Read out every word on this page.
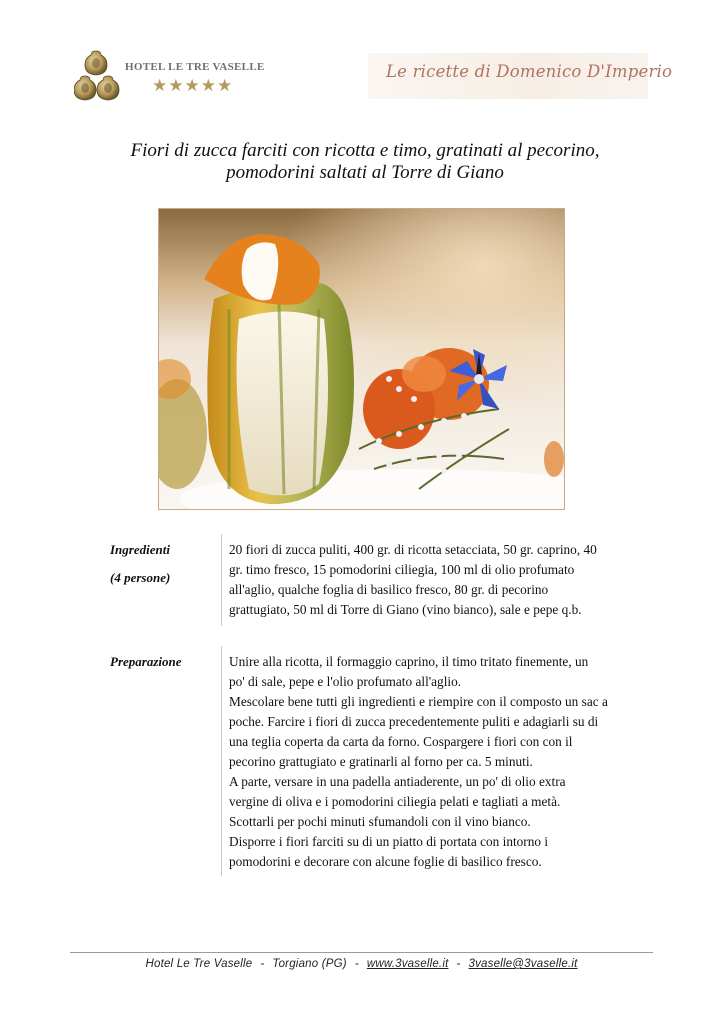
HOTEL LE TRE VASELLE
★★★★★
Le ricette di Domenico D'Imperio
Fiori di zucca farciti con ricotta e timo, gratinati al pecorino,
pomodorini saltati al Torre di Giano
Ingredienti
(4 persone)

20 fiori di zucca puliti, 400 gr. di ricotta setacciata, 50 gr. caprino, 40

gr. timo fresco, 15 pomodorini ciliegia, 100 ml di olio profumato

all'aglio, qualche foglia di basilico fresco, 80 gr. di pecorino

grattugiato, 50 ml di Torre di Giano (vino bianco), sale e pepe q.b.

Preparazione	Unire alla ricotta, il formaggio caprino, il timo tritato finemente, un

po' di sale, pepe e l'olio profumato all'aglio.

Mescolare bene tutti gli ingredienti e riempire con il composto un sac a

poche. Farcire i fiori di zucca precedentemente puliti e adagiarli su di

una teglia coperta da carta da forno. Cospargere i fiori con con il

pecorino grattugiato e gratinarli al forno per ca. 5 minuti.

A parte, versare in una padella antiaderente, un po' di olio extra

vergine di oliva e i pomodorini ciliegia pelati e tagliati a metà.

Scottarli per pochi minuti sfumandoli con il vino bianco.

Disporre i fiori farciti su di un piatto di portata con intorno i

pomodorini e decorare con alcune foglie di basilico fresco.

Hotel Le Tre Vaselle - Torgiano (PG) - www.3vaselle.it - 3vaselle@3vaselle.it
